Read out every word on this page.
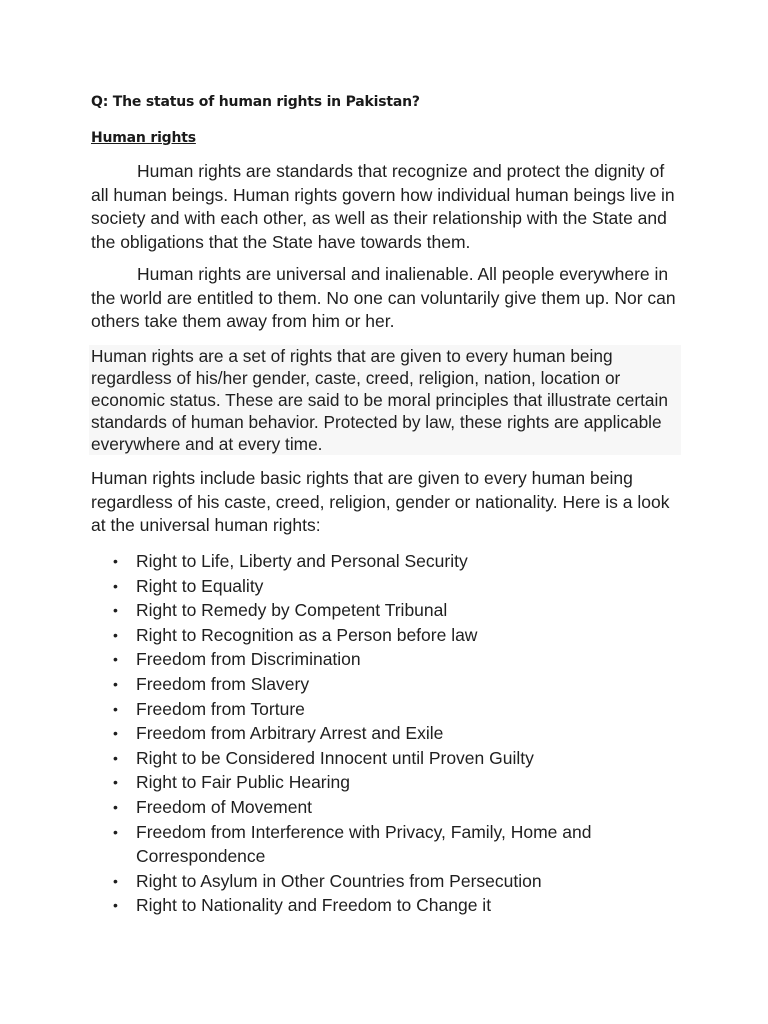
Q: The status of human rights in Pakistan?
Human rights

Human rights are standards that recognize and protect the dignity of all human beings. Human rights govern how individual human beings live in society and with each other, as well as their relationship with the State and the obligations that the State have towards them.

Human rights are universal and inalienable. All people everywhere in the world are entitled to them. No one can voluntarily give them up. Nor can others take them away from him or her.

Human rights are a set of rights that are given to every human being regardless of his/her gender, caste, creed, religion, nation, location or economic status. These are said to be moral principles that illustrate certain standards of human behavior. Protected by law, these rights are applicable everywhere and at every time.

Human rights include basic rights that are given to every human being regardless of his caste, creed, religion, gender or nationality. Here is a look at the universal human rights:

• Right to Life, Liberty and Personal Security
• Right to Equality
• Right to Remedy by Competent Tribunal
• Right to Recognition as a Person before law
• Freedom from Discrimination
• Freedom from Slavery
• Freedom from Torture
• Freedom from Arbitrary Arrest and Exile
• Right to be Considered Innocent until Proven Guilty
• Right to Fair Public Hearing
• Freedom of Movement
• Freedom from Interference with Privacy, Family, Home and Correspondence
• Right to Asylum in Other Countries from Persecution
• Right to Nationality and Freedom to Change it
